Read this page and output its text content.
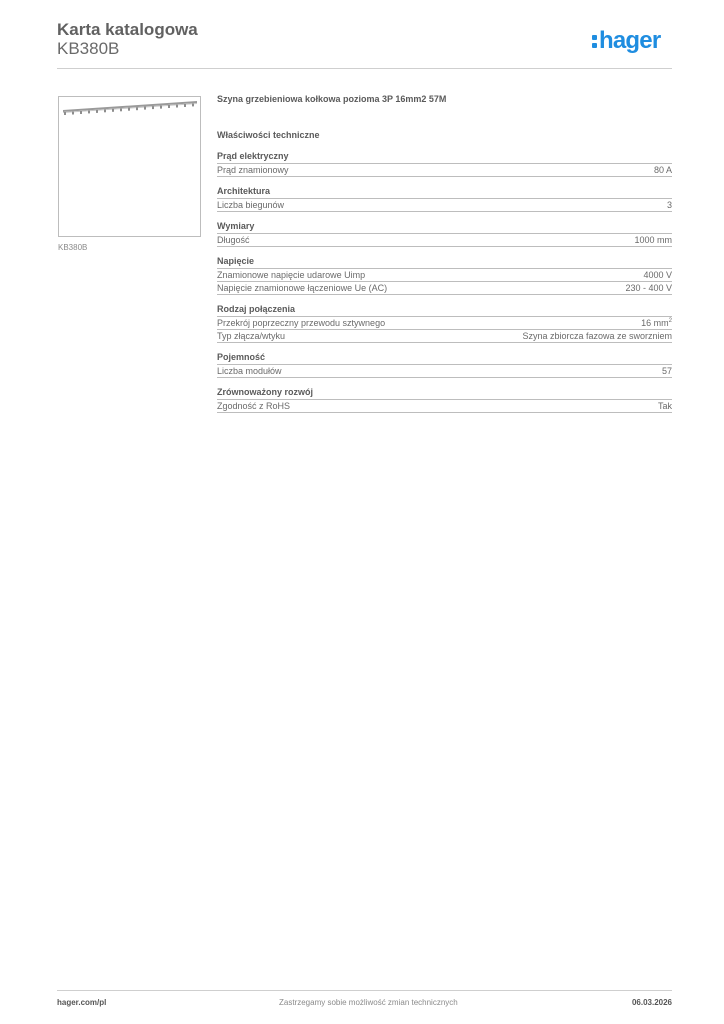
Karta katalogowa
KB380B	hager
KB380B
Szyna grzebieniowa kołkowa pozioma 3P 16mm2 57M
Właściwości techniczne
Prąd elektryczny
Prąd znamionowy	80 A
Architektura
Liczba biegunów	3
Wymiary
Długość	1000 mm
Napięcie
Znamionowe napięcie udarowe Uimp	4000 V
Napięcie znamionowe łączeniowe Ue (AC)	230 - 400 V
Rodzaj połączenia
Przekrój poprzeczny przewodu sztywnego	16 $mm^2$
Typ złącza/wtyku	Szyna zbiorcza fazowa ze sworzniem
Pojemność
Liczba modułów	57
Zrównoważony rozwój
Zgodność z RoHS	Tak
hager.com/pl	Zastrzegamy sobie możliwość zmian technicznych	06.03.2026
